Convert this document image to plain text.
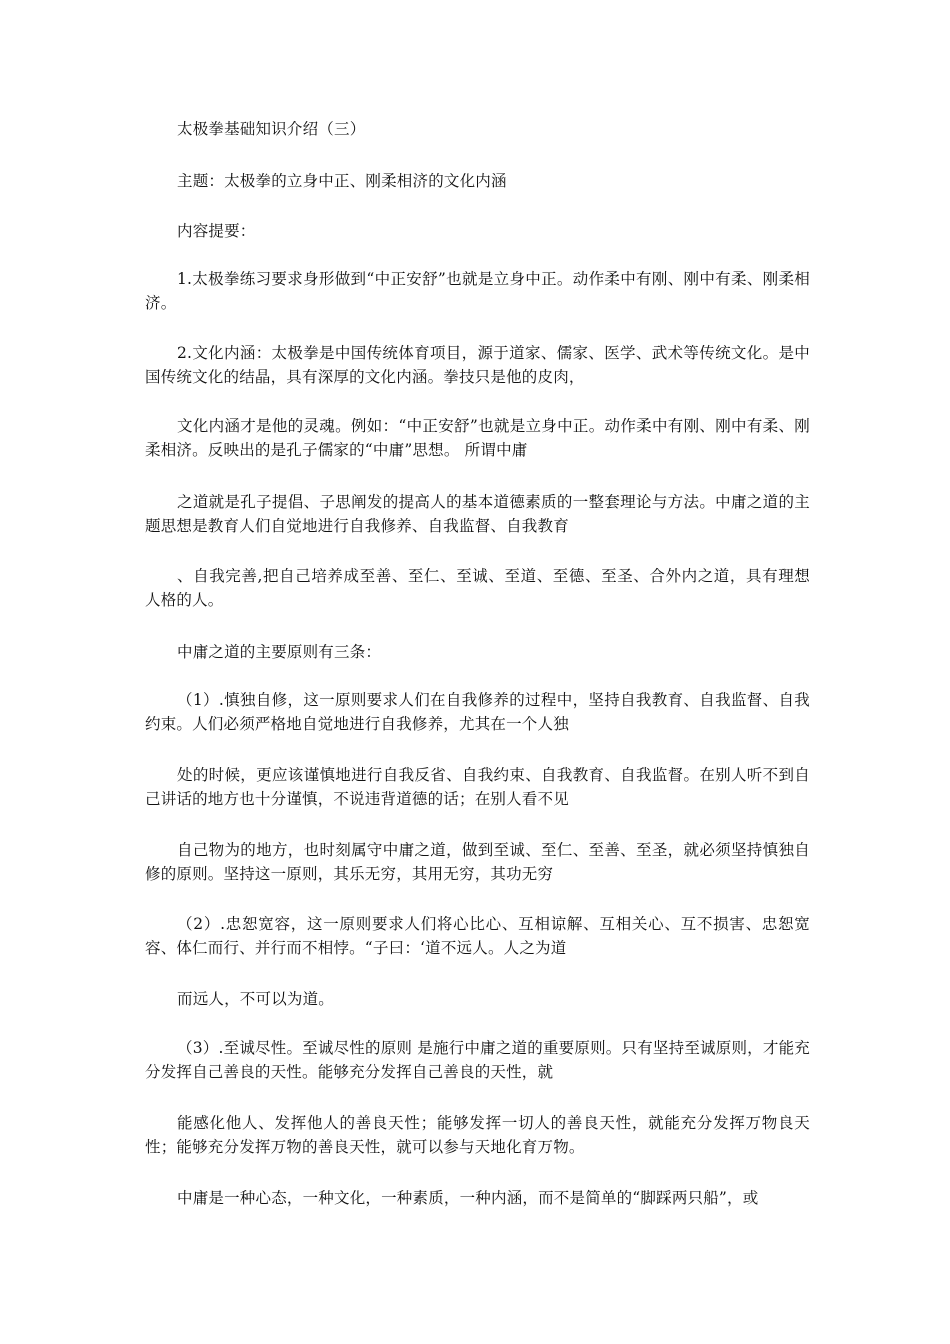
太极拳基础知识介绍（三）

主题：太极拳的立身中正、刚柔相济的文化内涵

内容提要：

1.太极拳练习要求身形做到“中正安舒”也就是立身中正。动作柔中有刚、刚中有柔、刚柔相济。

2.文化内涵：太极拳是中国传统体育项目，源于道家、儒家、医学、武术等传统文化。是中国传统文化的结晶，具有深厚的文化内涵。拳技只是他的皮肉，

文化内涵才是他的灵魂。例如：“中正安舒”也就是立身中正。动作柔中有刚、刚中有柔、刚柔相济。反映出的是孔子儒家的“中庸”思想。 所谓中庸

之道就是孔子提倡、子思阐发的提高人的基本道德素质的一整套理论与方法。中庸之道的主题思想是教育人们自觉地进行自我修养、自我监督、自我教育

、自我完善,把自己培养成至善、至仁、至诚、至道、至德、至圣、合外内之道，具有理想人格的人。

中庸之道的主要原则有三条：

（1）.慎独自修，这一原则要求人们在自我修养的过程中，坚持自我教育、自我监督、自我约束。人们必须严格地自觉地进行自我修养，尤其在一个人独

处的时候，更应该谨慎地进行自我反省、自我约束、自我教育、自我监督。在别人听不到自己讲话的地方也十分谨慎，不说违背道德的话；在别人看不见

自己物为的地方，也时刻属守中庸之道，做到至诚、至仁、至善、至圣，就必须坚持慎独自修的原则。坚持这一原则，其乐无穷，其用无穷，其功无穷

（2）.忠恕宽容，这一原则要求人们将心比心、互相谅解、互相关心、互不损害、忠恕宽容、体仁而行、并行而不相悖。“子曰：‘道不远人。人之为道

而远人，不可以为道。

（3）.至诚尽性。至诚尽性的原则 是施行中庸之道的重要原则。只有坚持至诚原则，才能充分发挥自己善良的天性。能够充分发挥自己善良的天性，就

能感化他人、发挥他人的善良天性；能够发挥一切人的善良天性，就能充分发挥万物良天性；能够充分发挥万物的善良天性，就可以参与天地化育万物。

中庸是一种心态，一种文化，一种素质，一种内涵，而不是简单的“脚踩两只船”，或
